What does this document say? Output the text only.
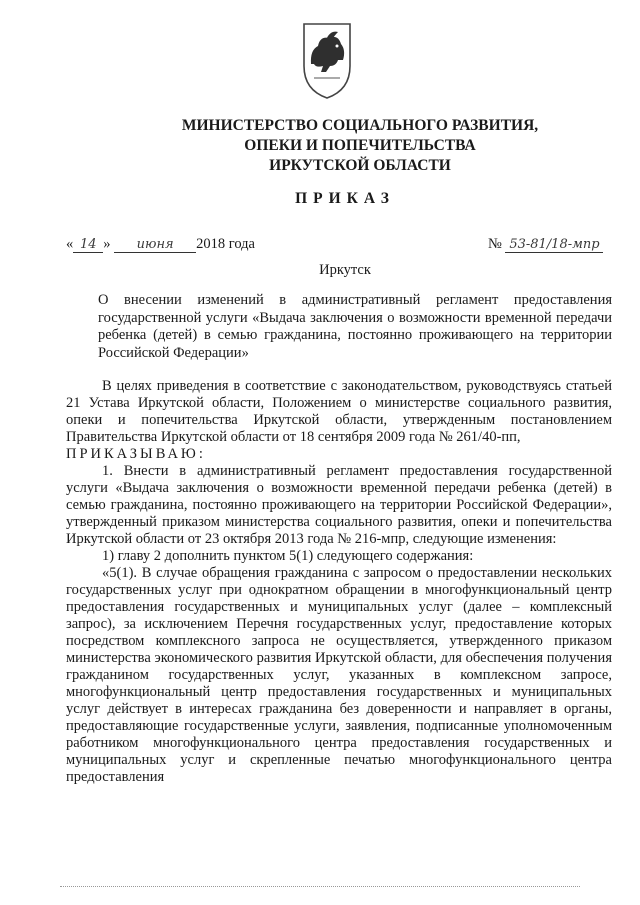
МИНИСТЕРСТВО СОЦИАЛЬНОГО РАЗВИТИЯ,
ОПЕКИ И ПОПЕЧИТЕЛЬСТВА
ИРКУТСКОЙ ОБЛАСТИ
ПРИКАЗ
« 14 » июня 2018 года	№ 53-81/18-мпр
Иркутск
О внесении изменений в административный регламент предоставления государственной услуги «Выдача заключения о возможности временной передачи ребенка (детей) в семью гражданина, постоянно проживающего на территории Российской Федерации»

В целях приведения в соответствие с законодательством, руководствуясь статьей 21 Устава Иркутской области, Положением о министерстве социального развития, опеки и попечительства Иркутской области, утвержденным постановлением Правительства Иркутской области от 18 сентября 2009 года № 261/40-пп,

ПРИКАЗЫВАЮ:

1. Внести в административный регламент предоставления государственной услуги «Выдача заключения о возможности временной передачи ребенка (детей) в семью гражданина, постоянно проживающего на территории Российской Федерации», утвержденный приказом министерства социального развития, опеки и попечительства Иркутской области от 23 октября 2013 года № 216-мпр, следующие изменения:

1) главу 2 дополнить пунктом 5(1) следующего содержания:

«5(1). В случае обращения гражданина с запросом о предоставлении нескольких государственных услуг при однократном обращении в многофункциональный центр предоставления государственных и муниципальных услуг (далее – комплексный запрос), за исключением Перечня государственных услуг, предоставление которых посредством комплексного запроса не осуществляется, утвержденного приказом министерства экономического развития Иркутской области, для обеспечения получения гражданином государственных услуг, указанных в комплексном запросе, многофункциональный центр предоставления государственных и муниципальных услуг действует в интересах гражданина без доверенности и направляет в органы, предоставляющие государственные услуги, заявления, подписанные уполномоченным работником многофункционального центра предоставления государственных и муниципальных услуг и скрепленные печатью многофункционального центра предоставления
